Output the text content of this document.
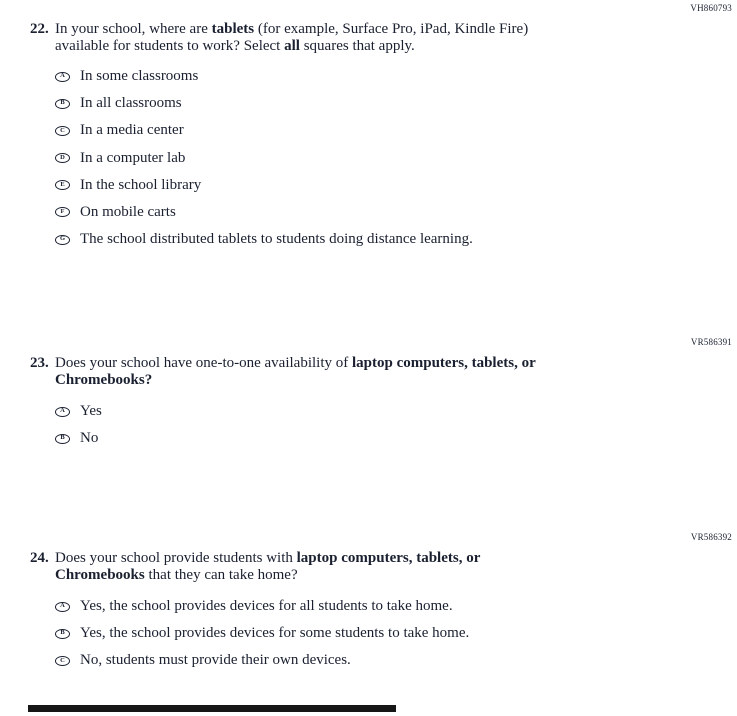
VH860793
22. In your school, where are tablets (for example, Surface Pro, iPad, Kindle Fire)
available for students to work? Select all squares that apply.
A	In some classrooms
B	In all classrooms
C	In a media center
D	In a computer lab
E	In the school library
F	On mobile carts
G The school distributed tablets to students doing distance learning.
VR586391
23. Does your school have one-to-one availability of laptop computers, tablets, or
Chromebooks?
A	Yes
B	No
VR586392
24. Does your school provide students with laptop computers, tablets, or
Chromebooks that they can take home?
A	Yes, the school provides devices for all students to take home.
B	Yes, the school provides devices for some students to take home.
C	No, students must provide their own devices.
